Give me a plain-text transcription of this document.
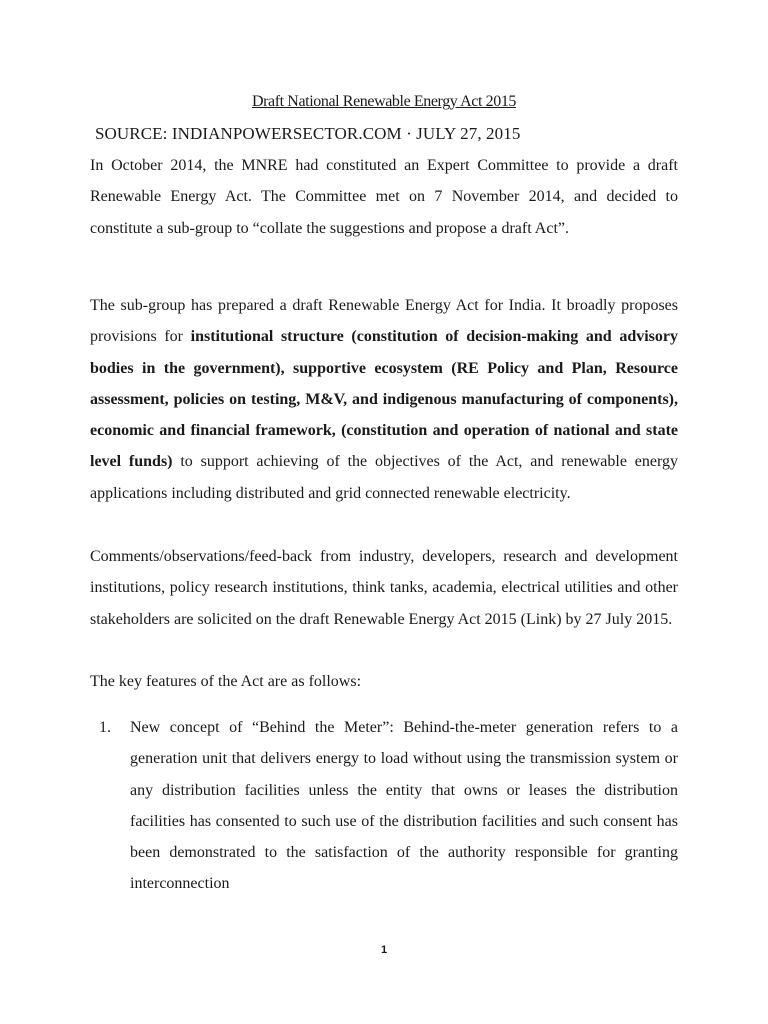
Draft National Renewable Energy Act 2015

SOURCE: INDIANPOWERSECTOR.COM · JULY 27, 2015

In October 2014, the MNRE had constituted an Expert Committee to provide a draft Renewable Energy Act. The Committee met on 7 November 2014, and decided to constitute a sub-group to “collate the suggestions and propose a draft Act”.

The sub-group has prepared a draft Renewable Energy Act for India. It broadly proposes provisions for institutional structure (constitution of decision-making and advisory bodies in the government), supportive ecosystem (RE Policy and Plan, Resource assessment, policies on testing, M&V, and indigenous manufacturing of components), economic and financial framework, (constitution and operation of national and state level funds) to support achieving of the objectives of the Act, and renewable energy applications including distributed and grid connected renewable electricity.

Comments/observations/feed-back from industry, developers, research and development institutions, policy research institutions, think tanks, academia, electrical utilities and other stakeholders are solicited on the draft Renewable Energy Act 2015 (Link) by 27 July 2015.

The key features of the Act are as follows:

1.	New concept of “Behind the Meter”: Behind-the-meter generation refers to a generation unit that delivers energy to load without using the transmission system or any distribution facilities unless the entity that owns or leases the distribution facilities has consented to such use of the distribution facilities and such consent has been demonstrated to the satisfaction of the authority responsible for granting interconnection
1
